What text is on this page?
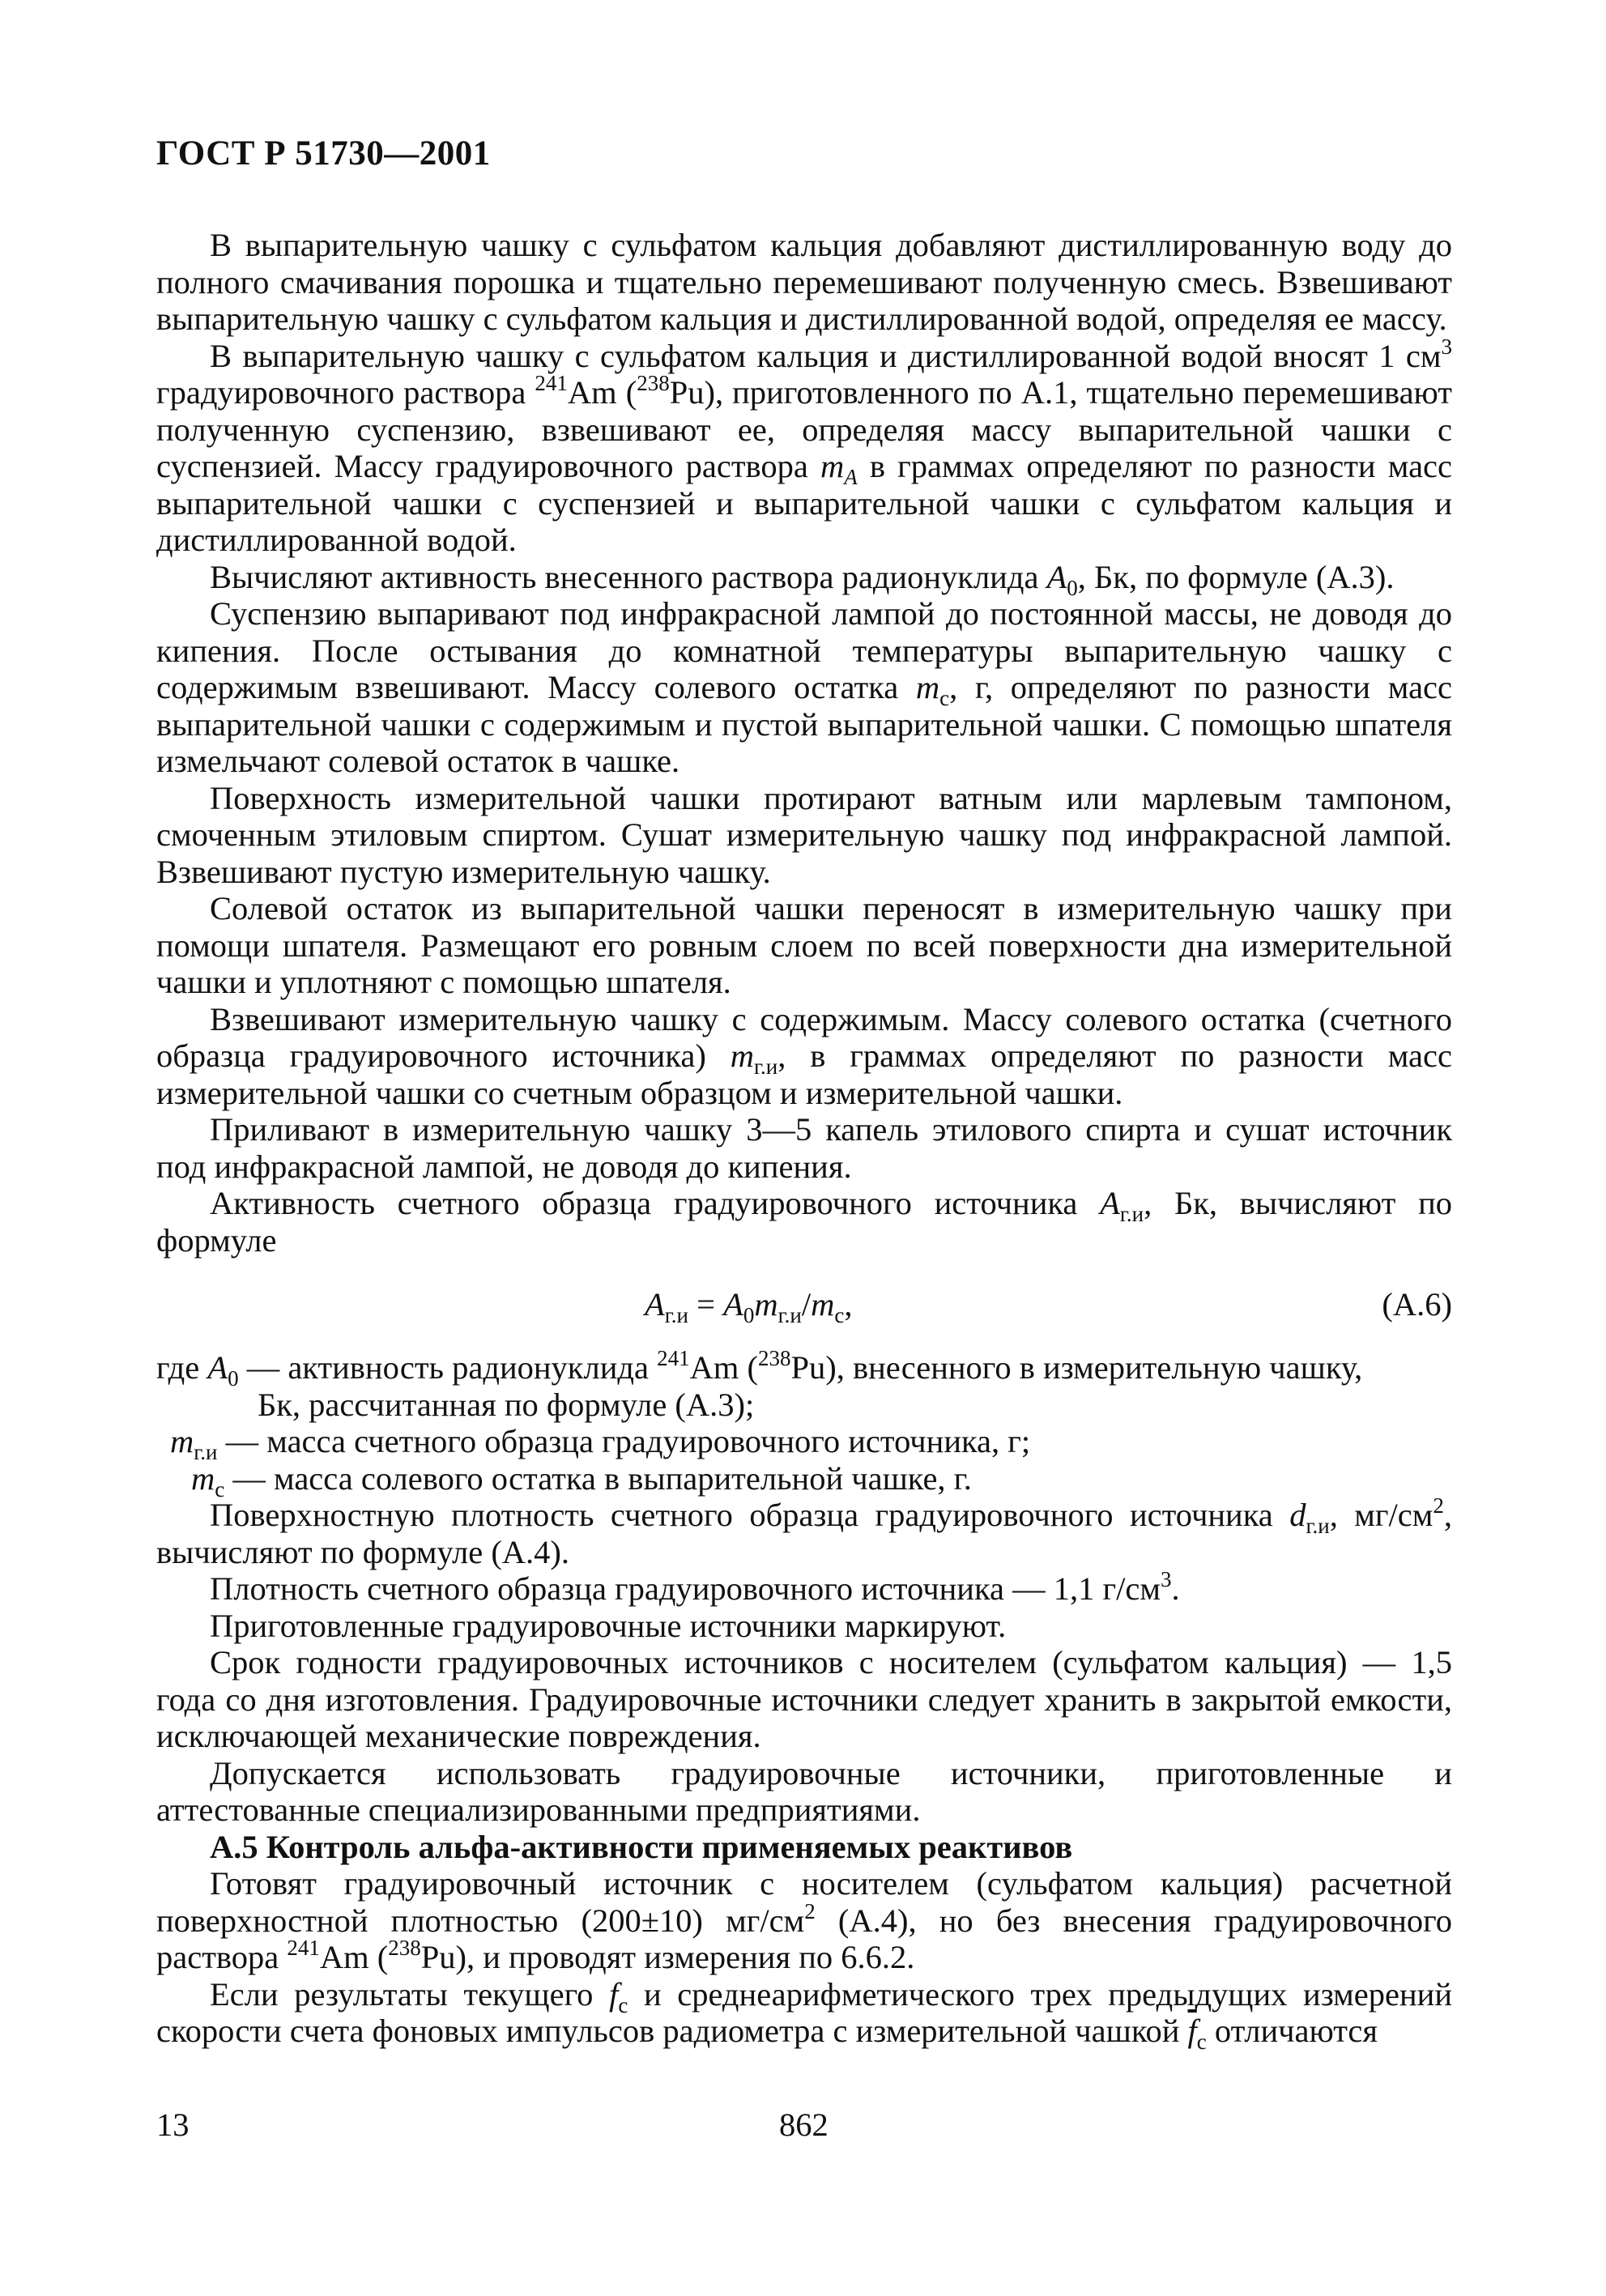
ГОСТ Р 51730—2001

В выпарительную чашку с сульфатом кальция добавляют дистиллированную воду до полного смачивания порошка и тщательно перемешивают полученную смесь. Взвешивают выпарительную чашку с сульфатом кальция и дистиллированной водой, определяя ее массу.

В выпарительную чашку с сульфатом кальция и дистиллированной водой вносят 1 $см^3$ градуировочного раствора $^{241}$Am ($^{238}$Pu), приготовленного по А.1, тщательно перемешивают полученную суспензию, взвешивают ее, определяя массу выпарительной чашки с суспензией. Массу градуировочного раствора $m_A$ в граммах определяют по разности масс выпарительной чашки с суспензией и выпарительной чашки с сульфатом кальция и дистиллированной водой.

Вычисляют активность внесенного раствора радионуклида $A_0$, Бк, по формуле (А.3).

Суспензию выпаривают под инфракрасной лампой до постоянной массы, не доводя до кипения. После остывания до комнатной температуры выпарительную чашку с содержимым взвешивают. Массу солевого остатка $m_c$, г, определяют по разности масс выпарительной чашки с содержимым и пустой выпарительной чашки. С помощью шпателя измельчают солевой остаток в чашке.

Поверхность измерительной чашки протирают ватным или марлевым тампоном, смоченным этиловым спиртом. Сушат измерительную чашку под инфракрасной лампой. Взвешивают пустую измерительную чашку.

Солевой остаток из выпарительной чашки переносят в измерительную чашку при помощи шпателя. Размещают его ровным слоем по всей поверхности дна измерительной чашки и уплотняют с помощью шпателя.

Взвешивают измерительную чашку с содержимым. Массу солевого остатка (счетного образца градуировочного источника) $m_{г.и}$, в граммах определяют по разности масс измерительной чашки со счетным образцом и измерительной чашки.

Приливают в измерительную чашку 3—5 капель этилового спирта и сушат источник под инфракрасной лампой, не доводя до кипения.

Активность счетного образца градуировочного источника $A_{г.и}$, Бк, вычисляют по формуле

$A_{г.и} = A_0m_{г.и}/m_c$,	(А.6)

где $A_0$ — активность радионуклида $^{241}$Am ($^{238}$Pu), внесенного в измерительную чашку,

Бк, рассчитанная по формуле (А.3);

$m_{г.и}$ — масса счетного образца градуировочного источника, г;

$m_c$ — масса солевого остатка в выпарительной чашке, г.

Поверхностную плотность счетного образца градуировочного источника $d_{г.и}$, $мг/см^2$, вычисляют по формуле (А.4).

Плотность счетного образца градуировочного источника — 1,1 $г/см^3$.

Приготовленные градуировочные источники маркируют.

Срок годности градуировочных источников с носителем (сульфатом кальция) — 1,5 года со дня изготовления. Градуировочные источники следует хранить в закрытой емкости, исключающей механические повреждения.

Допускается использовать градуировочные источники, приготовленные и аттестованные специализированными предприятиями.

А.5 Контроль альфа-активности применяемых реактивов

Готовят градуировочный источник с носителем (сульфатом кальция) расчетной поверхностной плотностью (200±10) $мг/см^2$ (А.4), но без внесения градуировочного раствора $^{241}$Am ($^{238}$Pu), и проводят измерения по 6.6.2.

Если результаты текущего $f_c$ и среднеарифметического трех предыдущих измерений скорости счета фоновых импульсов радиометра с измерительной чашкой $\overline{f}_c$ отличаются

13	862
